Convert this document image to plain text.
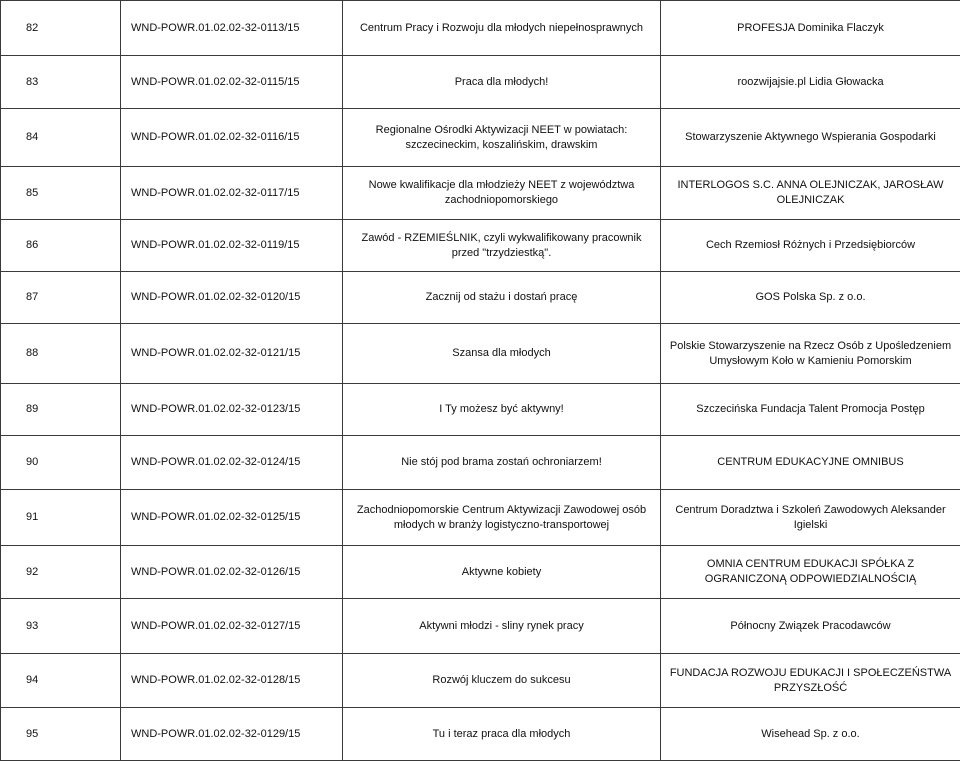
82	WND-POWR.01.02.02-32-0113/15	Centrum Pracy i Rozwoju dla młodych niepełnosprawnych	PROFESJA Dominika Flaczyk
83	WND-POWR.01.02.02-32-0115/15	Praca dla młodych!	roozwijajsie.pl Lidia Głowacka
84	WND-POWR.01.02.02-32-0116/15	Regionalne Ośrodki Aktywizacji NEET w powiatach: szczecineckim, koszalińskim, drawskim	Stowarzyszenie Aktywnego Wspierania Gospodarki
85	WND-POWR.01.02.02-32-0117/15	Nowe kwalifikacje dla młodzieży NEET z województwa zachodniopomorskiego	INTERLOGOS S.C. ANNA OLEJNICZAK, JAROSŁAW OLEJNICZAK
86	WND-POWR.01.02.02-32-0119/15	Zawód - RZEMIEŚLNIK, czyli wykwalifikowany pracownik przed "trzydziestką".	Cech Rzemiosł Różnych i Przedsiębiorców
87	WND-POWR.01.02.02-32-0120/15	Zacznij od stażu i dostań pracę	GOS Polska Sp. z o.o.
88	WND-POWR.01.02.02-32-0121/15	Szansa dla młodych	Polskie Stowarzyszenie na Rzecz Osób z Upośledzeniem Umysłowym Koło w Kamieniu Pomorskim
89	WND-POWR.01.02.02-32-0123/15	I Ty możesz być aktywny!	Szczecińska Fundacja Talent Promocja Postęp
90	WND-POWR.01.02.02-32-0124/15	Nie stój pod brama zostań ochroniarzem!	CENTRUM EDUKACYJNE OMNIBUS
91	WND-POWR.01.02.02-32-0125/15	Zachodniopomorskie Centrum Aktywizacji Zawodowej osób młodych w branży logistyczno-transportowej	Centrum Doradztwa i Szkoleń Zawodowych Aleksander Igielski
92	WND-POWR.01.02.02-32-0126/15	Aktywne kobiety	OMNIA CENTRUM EDUKACJI SPÓŁKA Z OGRANICZONĄ ODPOWIEDZIALNOŚCIĄ
93	WND-POWR.01.02.02-32-0127/15	Aktywni młodzi - sliny rynek pracy	Północny Związek Pracodawców
94	WND-POWR.01.02.02-32-0128/15	Rozwój kluczem do sukcesu	FUNDACJA ROZWOJU EDUKACJI I SPOŁECZEŃSTWA PRZYSZŁOŚĆ
95	WND-POWR.01.02.02-32-0129/15	Tu i teraz praca dla młodych	Wisehead Sp. z o.o.
